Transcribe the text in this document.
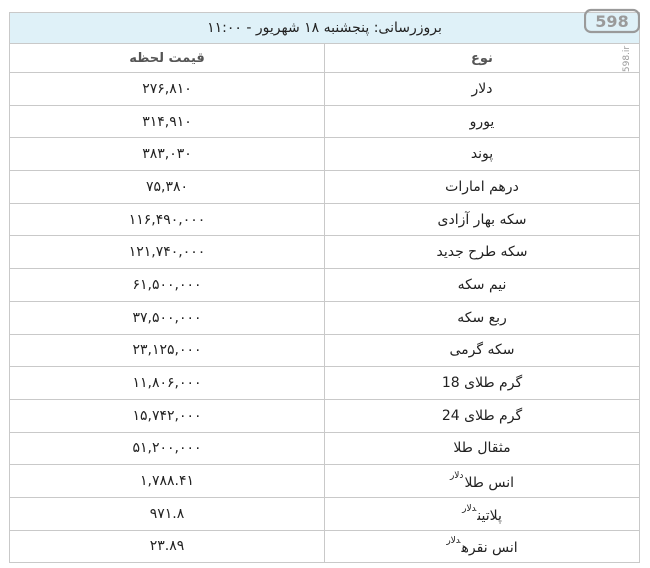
بروزرسانی: پنجشنبه ۱۸ شهریور - ۱۱:۰۰
نوع	قیمت لحظه
دلار	۲۷۶,۸۱۰
یورو	۳۱۴,۹۱۰
پوند	۳۸۳,۰۳۰
درهم امارات	۷۵,۳۸۰
سکه بهار آزادی	۱۱۶,۴۹۰,۰۰۰
سکه طرح جدید	۱۲۱,۷۴۰,۰۰۰
نیم سکه	۶۱,۵۰۰,۰۰۰
ربع سکه	۳۷,۵۰۰,۰۰۰
سکه گرمی	۲۳,۱۲۵,۰۰۰
گرم طلای 18	۱۱,۸۰۶,۰۰۰
گرم طلای 24	۱۵,۷۴۲,۰۰۰
مثقال طلا	۵۱,۲۰۰,۰۰۰
انس طلا$^{دلار}$	۱,۷۸۸.۴۱
پلاتین$^{دلار}$	۹۷۱.۸
انس نقره$^{دلار}$	۲۳.۸۹
598
598.ir
